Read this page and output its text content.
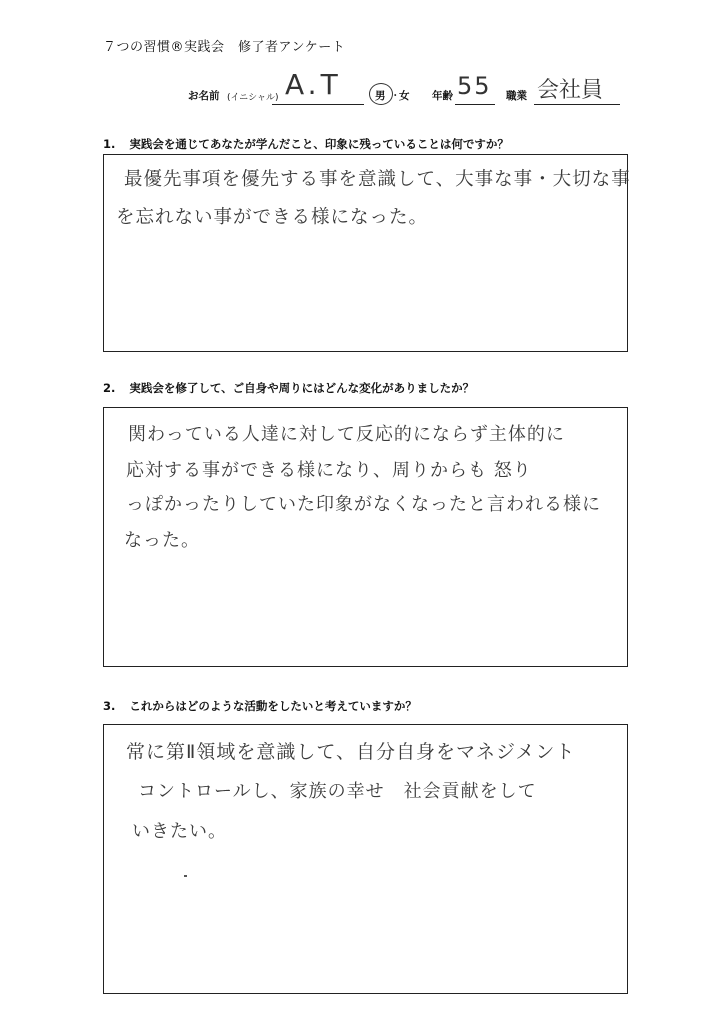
７つの習慣®実践会　修了者アンケート
お名前 (イニシャル) A.T	男 ・
女 年齢 55 職業 会社員
1. 実践会を通じてあなたが学んだこと、印象に残っていることは何ですか？
最優先事項を優先する事を意識して、大事な事・大切な事
を忘れない事ができる様になった。
2. 実践会を修了して、ご自身や周りにはどんな変化がありましたか？
関わっている人達に対して反応的にならず主体的に
応対する事ができる様になり、周りからも 怒り
っぽかったりしていた印象がなくなったと言われる様に
なった。
3. これからはどのような活動をしたいと考えていますか？
常に第Ⅱ領域を意識して、自分自身をマネジメント
コントロールし、家族の幸せ　社会貢献をして
いきたい。
